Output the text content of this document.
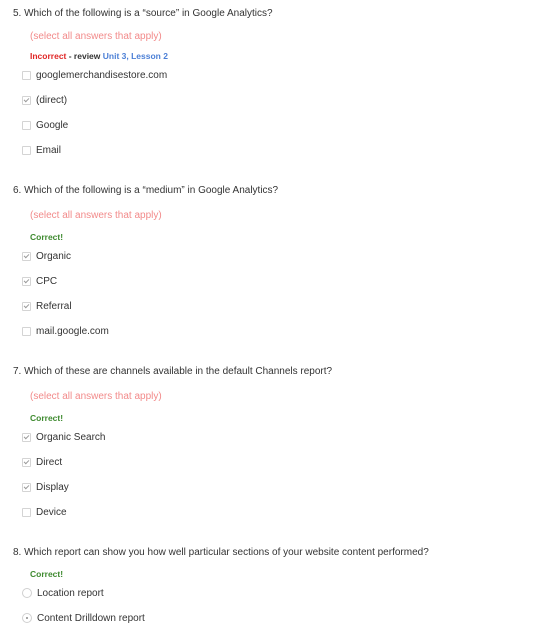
5. Which of the following is a “source” in Google Analytics?
(select all answers that apply)
Incorrect - review Unit 3, Lesson 2
googlemerchandisestore.com
(direct)
Google
Email
6. Which of the following is a “medium” in Google Analytics?
(select all answers that apply)
Correct!
Organic
CPC
Referral
mail.google.com
7. Which of these are channels available in the default Channels report?
(select all answers that apply)
Correct!
Organic Search
Direct
Display
Device
8. Which report can show you how well particular sections of your website content performed?
Correct!
Location report
Content Drilldown report
